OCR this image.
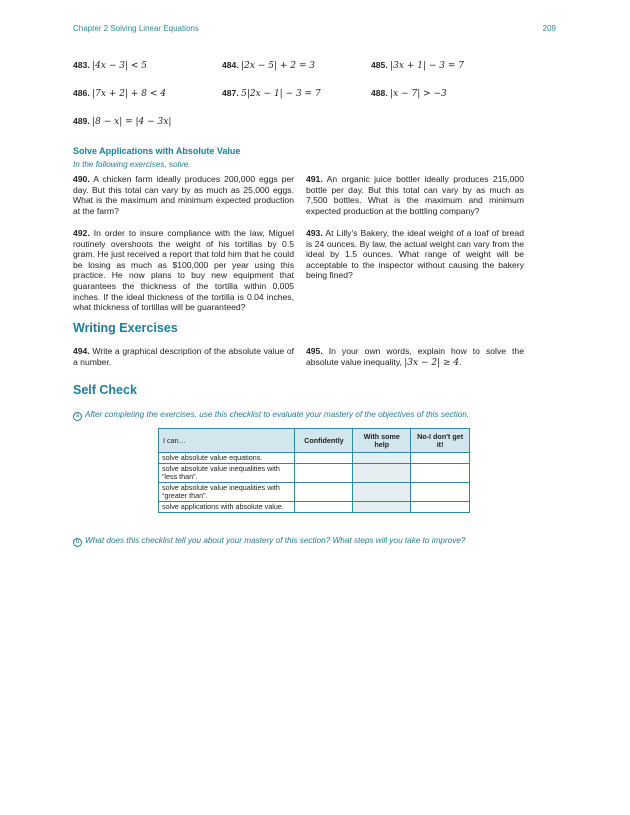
Chapter 2 Solving Linear Equations	209
483. |4x − 3| < 5	484. |2x − 5| + 2 = 3	485. |3x + 1| − 3 = 7
486. |7x + 2| + 8 < 4	487. 5|2x − 1| − 3 = 7	488. |x − 7| > −3
489. |8 − x| = |4 − 3x|
Solve Applications with Absolute Value
In the following exercises, solve.
490. A chicken farm ideally produces 200,000 eggs per day. But this total can vary by as much as 25,000 eggs. What is the maximum and minimum expected production at the farm?
491. An organic juice bottler ideally produces 215,000 bottle per day. But this total can vary by as much as 7,500 bottles. What is the maximum and minimum expected production at the bottling company?
492. In order to insure compliance with the law, Miguel routinely overshoots the weight of his tortillas by 0.5 gram. He just received a report that told him that he could be losing as much as $100,000 per year using this practice. He now plans to buy new equipment that guarantees the thickness of the tortilla within 0.005 inches. If the ideal thickness of the tortilla is 0.04 inches, what thickness of tortillas will be guaranteed?
493. At Lilly's Bakery, the ideal weight of a loaf of bread is 24 ounces. By law, the actual weight can vary from the ideal by 1.5 ounces. What range of weight will be acceptable to the inspector without causing the bakery being fined?
Writing Exercises
494. Write a graphical description of the absolute value of a number.
495. In your own words, explain how to solve the absolute value inequality, |3x − 2| ≥ 4.
Self Check
a After completing the exercises, use this checklist to evaluate your mastery of the objectives of this section.
I can…	Confidently	With some help	No-I don't get it!
solve absolute value equations.			
solve absolute value inequalities with “less than”.			
solve absolute value inequalities with “greater than”.			
solve applications with absolute value.			
b What does this checklist tell you about your mastery of this section? What steps will you take to improve?
